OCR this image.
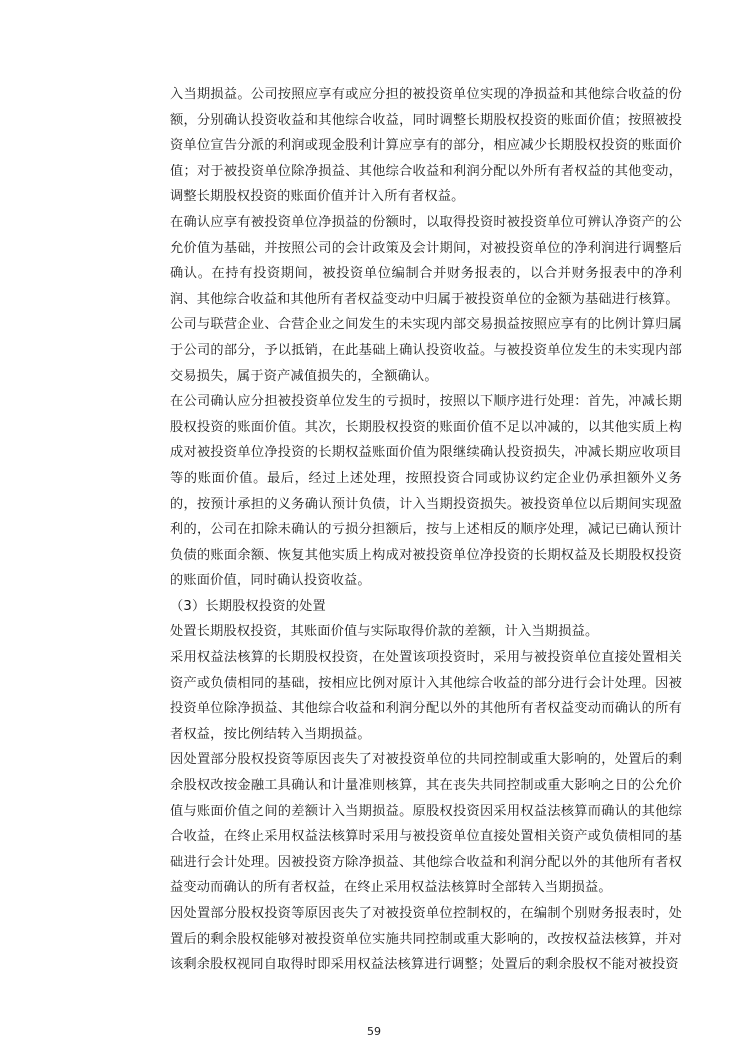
入当期损益。公司按照应享有或应分担的被投资单位实现的净损益和其他综合收益的份额，分别确认投资收益和其他综合收益，同时调整长期股权投资的账面价值；按照被投资单位宣告分派的利润或现金股利计算应享有的部分，相应减少长期股权投资的账面价值；对于被投资单位除净损益、其他综合收益和利润分配以外所有者权益的其他变动，调整长期股权投资的账面价值并计入所有者权益。

在确认应享有被投资单位净损益的份额时，以取得投资时被投资单位可辨认净资产的公允价值为基础，并按照公司的会计政策及会计期间，对被投资单位的净利润进行调整后确认。在持有投资期间，被投资单位编制合并财务报表的，以合并财务报表中的净利润、其他综合收益和其他所有者权益变动中归属于被投资单位的金额为基础进行核算。

公司与联营企业、合营企业之间发生的未实现内部交易损益按照应享有的比例计算归属于公司的部分，予以抵销，在此基础上确认投资收益。与被投资单位发生的未实现内部交易损失，属于资产减值损失的，全额确认。

在公司确认应分担被投资单位发生的亏损时，按照以下顺序进行处理：首先，冲减长期股权投资的账面价值。其次，长期股权投资的账面价值不足以冲减的，以其他实质上构成对被投资单位净投资的长期权益账面价值为限继续确认投资损失，冲减长期应收项目等的账面价值。最后，经过上述处理，按照投资合同或协议约定企业仍承担额外义务的，按预计承担的义务确认预计负债，计入当期投资损失。被投资单位以后期间实现盈利的，公司在扣除未确认的亏损分担额后，按与上述相反的顺序处理，减记已确认预计负债的账面余额、恢复其他实质上构成对被投资单位净投资的长期权益及长期股权投资的账面价值，同时确认投资收益。

（3）长期股权投资的处置

处置长期股权投资，其账面价值与实际取得价款的差额，计入当期损益。

采用权益法核算的长期股权投资，在处置该项投资时，采用与被投资单位直接处置相关资产或负债相同的基础，按相应比例对原计入其他综合收益的部分进行会计处理。因被投资单位除净损益、其他综合收益和利润分配以外的其他所有者权益变动而确认的所有者权益，按比例结转入当期损益。

因处置部分股权投资等原因丧失了对被投资单位的共同控制或重大影响的，处置后的剩余股权改按金融工具确认和计量准则核算，其在丧失共同控制或重大影响之日的公允价值与账面价值之间的差额计入当期损益。原股权投资因采用权益法核算而确认的其他综合收益，在终止采用权益法核算时采用与被投资单位直接处置相关资产或负债相同的基础进行会计处理。因被投资方除净损益、其他综合收益和利润分配以外的其他所有者权益变动而确认的所有者权益，在终止采用权益法核算时全部转入当期损益。

因处置部分股权投资等原因丧失了对被投资单位控制权的，在编制个别财务报表时，处置后的剩余股权能够对被投资单位实施共同控制或重大影响的，改按权益法核算，并对该剩余股权视同自取得时即采用权益法核算进行调整；处置后的剩余股权不能对被投资

59
